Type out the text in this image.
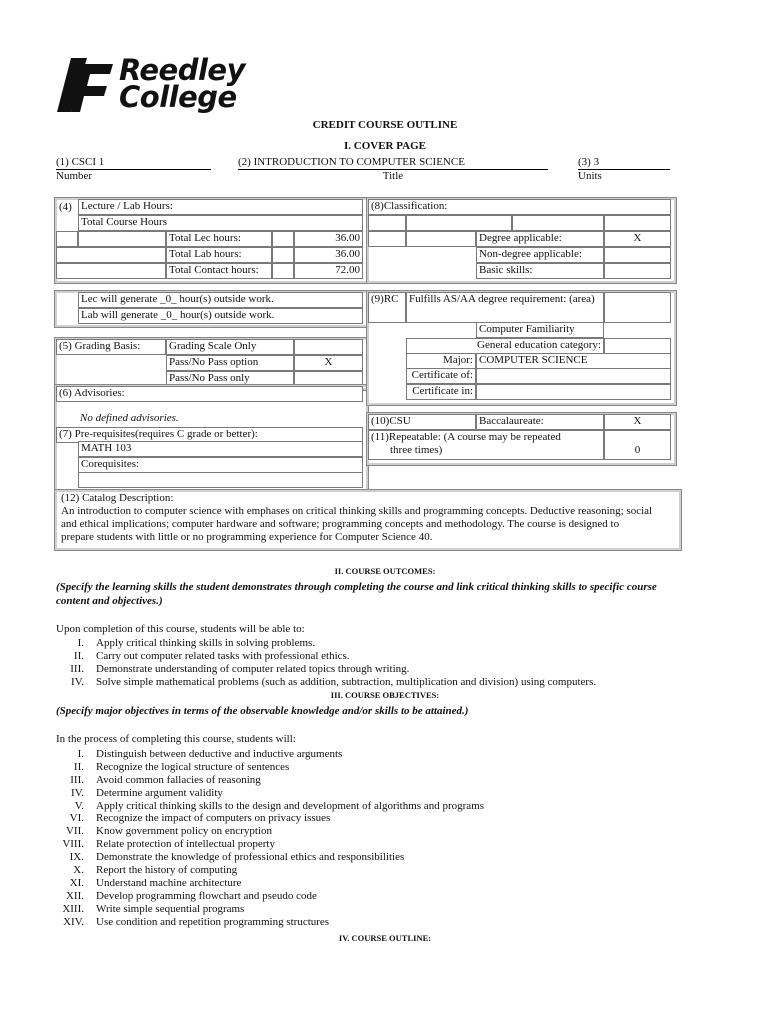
Reedley
College
CREDIT COURSE OUTLINE
I. COVER PAGE
(1) CSCI 1
Number
(2) INTRODUCTION TO COMPUTER SCIENCE
Title
(3) 3
Units
(4) Lecture / Lab Hours:
Total Course Hours
Total Lec hours:	36.00
Total Lab hours:	36.00
Total Contact hours:	72.00
Lec will generate _0_ hour(s) outside work.
Lab will generate _0_ hour(s) outside work.
(5) Grading Basis:	Grading Scale Only
Pass/No Pass option	X
Pass/No Pass only
(6) Advisories:
No defined advisories.
(7) Pre-requisites(requires C grade or better):
MATH 103
Corequisites:
(8)Classification:
Degree applicable:	X
Non-degree applicable:
Basic skills:
(9)RC Fulfills AS/AA degree requirement: (area)
Computer Familiarity
General education category:
Major: COMPUTER SCIENCE
Certificate of:
Certificate in:
(10)CSU	Baccalaureate:	X
(11)Repeatable: (A course may be repeated
three times)	0
(12) Catalog Description:
An introduction to computer science with emphases on critical thinking skills and programming concepts. Deductive reasoning; social
and ethical implications; computer hardware and software; programming concepts and methodology. The course is designed to
prepare students with little or no programming experience for Computer Science 40.
II. COURSE OUTCOMES:
(Specify the learning skills the student demonstrates through completing the course and link critical thinking skills to specific course
content and objectives.)
Upon completion of this course, students will be able to:
I. Apply critical thinking skills in solving problems.
II. Carry out computer related tasks with professional ethics.
III. Demonstrate understanding of computer related topics through writing.
IV. Solve simple mathematical problems (such as addition, subtraction, multiplication and division) using computers.
III. COURSE OBJECTIVES:
(Specify major objectives in terms of the observable knowledge and/or skills to be attained.)
In the process of completing this course, students will:
I. Distinguish between deductive and inductive arguments
II. Recognize the logical structure of sentences
III. Avoid common fallacies of reasoning
IV. Determine argument validity
V. Apply critical thinking skills to the design and development of algorithms and programs
VI. Recognize the impact of computers on privacy issues
VII. Know government policy on encryption
VIII. Relate protection of intellectual property
IX. Demonstrate the knowledge of professional ethics and responsibilities
X. Report the history of computing
XI. Understand machine architecture
XII. Develop programming flowchart and pseudo code
XIII. Write simple sequential programs
XIV. Use condition and repetition programming structures
IV. COURSE OUTLINE:
